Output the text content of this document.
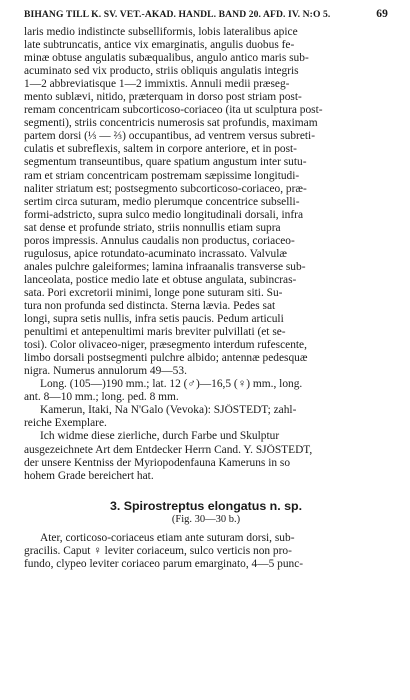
BIHANG TILL K. SV. VET.-AKAD. HANDL. BAND 20. AFD. IV. N:O 5.	69
laris medio indistincte subselliformis, lobis lateralibus apice
late subtruncatis, antice vix emarginatis, angulis duobus fe-
minæ obtuse angulatis subæqualibus, angulo antico maris sub-
acuminato sed vix producto, striis obliquis angulatis integris
1—2 abbreviatisque 1—2 immixtis. Annuli medii præseg-
mento sublævi, nitido, præterquam in dorso post striam post-
remam concentricam subcorticoso-coriaceo (ita ut sculptura post-
segmenti), striis concentricis numerosis sat profundis, maximam
partem dorsi (⅓ — ⅔) occupantibus, ad ventrem versus subreti-
culatis et subreflexis, saltem in corpore anteriore, et in post-
segmentum transeuntibus, quare spatium angustum inter sutu-
ram et striam concentricam postremam sæpissime longitudi-
naliter striatum est; postsegmento subcorticoso-coriaceo, præ-
sertim circa suturam, medio plerumque concentrice subselli-
formi-adstricto, supra sulco medio longitudinali dorsali, infra
sat dense et profunde striato, striis nonnullis etiam supra
poros impressis. Annulus caudalis non productus, coriaceo-
rugulosus, apice rotundato-acuminato incrassato. Valvulæ
anales pulchre galeiformes; lamina infraanalis transverse sub-
lanceolata, postice medio late et obtuse angulata, subincras-
sata. Pori excretorii minimi, longe pone suturam siti. Su-
tura non profunda sed distincta. Sterna lævia. Pedes sat
longi, supra setis nullis, infra setis paucis. Pedum articuli
penultimi et antepenultimi maris breviter pulvillati (et se-
tosi). Color olivaceo-niger, præsegmento interdum rufescente,
limbo dorsali postsegmenti pulchre albido; antennæ pedesquæ
nigra. Numerus annulorum 49—53.
Long. (105—)190 mm.; lat. 12 (♂)—16,5 (♀) mm., long.
ant. 8—10 mm.; long. ped. 8 mm.
Kamerun, Itaki, Na N'Galo (Vevoka): SJÖSTEDT; zahl-
reiche Exemplare.
Ich widme diese zierliche, durch Farbe und Skulptur
ausgezeichnete Art dem Entdecker Herrn Cand. Y. SJÖSTEDT,
der unsere Kentniss der Myriopodenfauna Kameruns in so
hohem Grade bereichert hat.
3. Spirostreptus elongatus n. sp.
(Fig. 30—30 b.)
Ater, corticoso-coriaceus etiam ante suturam dorsi, sub-
gracilis. Caput ♀ leviter coriaceum, sulco verticis non pro-
fundo, clypeo leviter coriaceo parum emarginato, 4—5 punc-
